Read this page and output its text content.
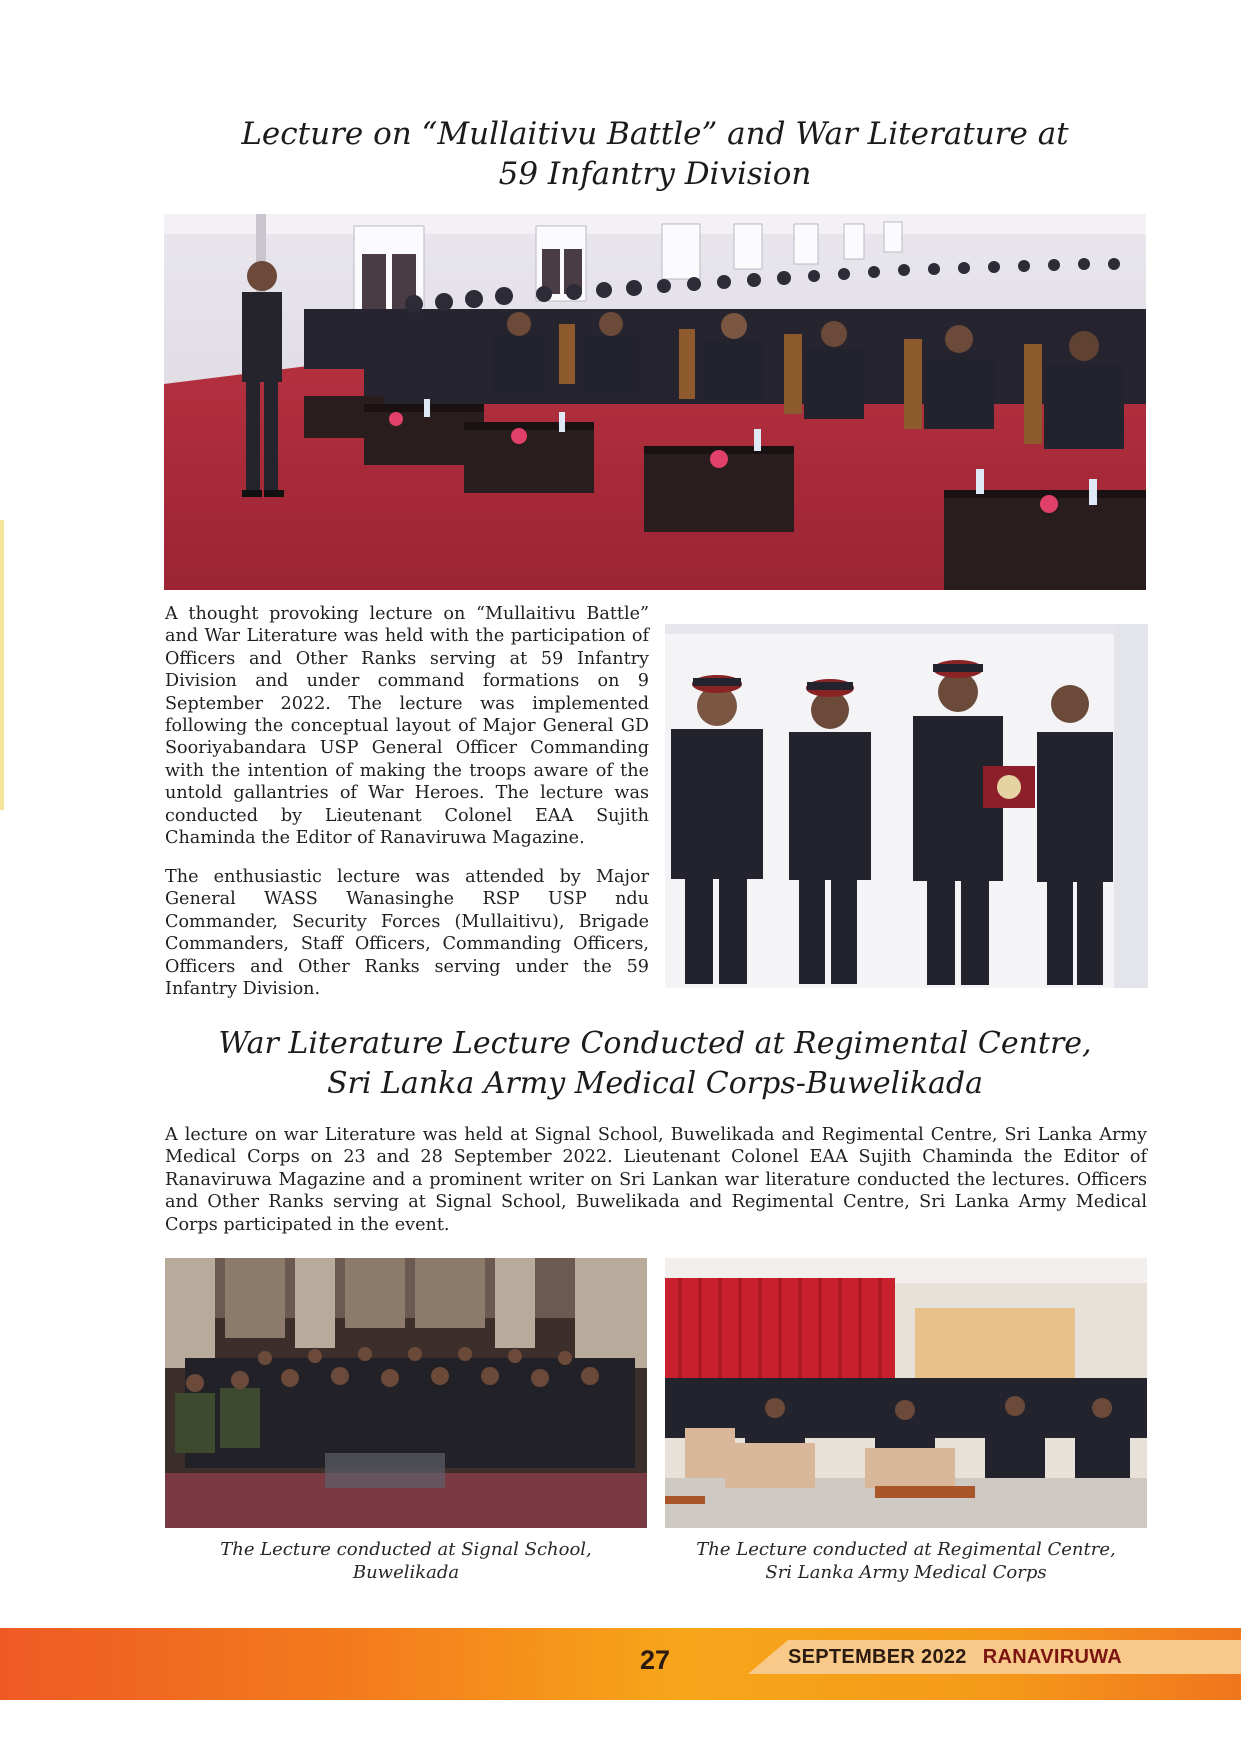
Lecture on “Mullaitivu Battle” and War Literature at
59 Infantry Division

A thought provoking lecture on “Mullaitivu Battle” and War Literature was held with the participation of Officers and Other Ranks serving at 59 Infantry Division and under command formations on 9 September 2022. The lecture was implemented following the conceptual layout of Major General GD Sooriyabandara USP General Officer Commanding with the intention of making the troops aware of the untold gallantries of War Heroes. The lecture was conducted by Lieutenant Colonel EAA Sujith Chaminda the Editor of Ranaviruwa Magazine.

The enthusiastic lecture was attended by Major General WASS Wanasinghe RSP USP ndu Commander, Security Forces (Mullaitivu), Brigade Commanders, Staff Officers, Commanding Officers, Officers and Other Ranks serving under the 59 Infantry Division.

War Literature Lecture Conducted at Regimental Centre,
Sri Lanka Army Medical Corps-Buwelikada

A lecture on war Literature was held at Signal School, Buwelikada and Regimental Centre, Sri Lanka Army Medical Corps on 23 and 28 September 2022. Lieutenant Colonel EAA Sujith Chaminda the Editor of Ranaviruwa Magazine and a prominent writer on Sri Lankan war literature conducted the lectures. Officers and Other Ranks serving at Signal School, Buwelikada and Regimental Centre, Sri Lanka Army Medical Corps participated in the event.

The Lecture conducted at Signal School, Buwelikada

The Lecture conducted at Regimental Centre,
Sri Lanka Army Medical Corps

27	SEPTEMBER 2022 RANAVIRUWA
